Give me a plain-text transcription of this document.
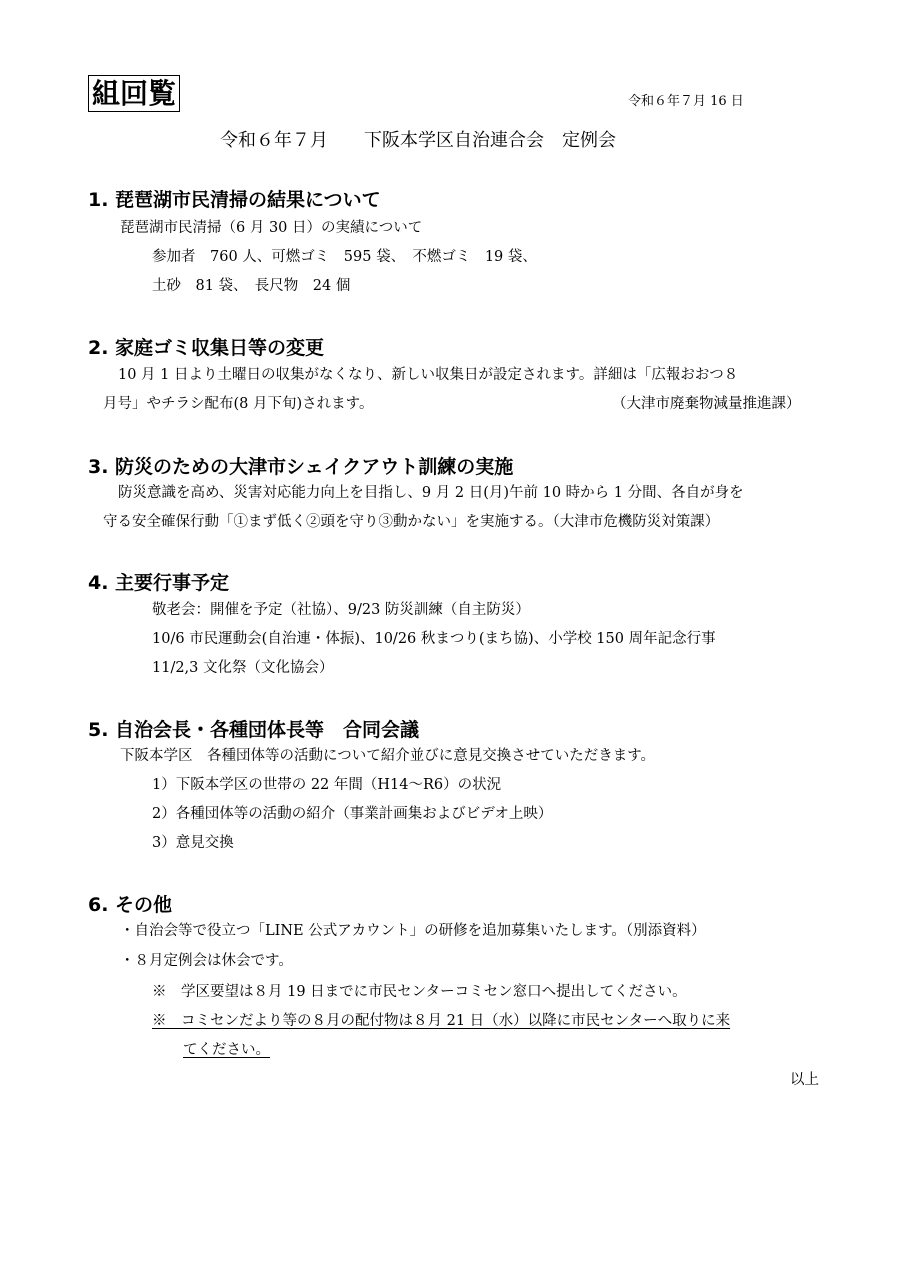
組回覧	令和６年７月 16 日
令和６年７月　　下阪本学区自治連合会　定例会
1. 琵琶湖市民清掃の結果について
琵琶湖市民清掃（6 月 30 日）の実績について
参加者　760 人、可燃ゴミ　595 袋、　不燃ゴミ　19 袋、
土砂　81 袋、　長尺物　24 個
2. 家庭ゴミ収集日等の変更
10 月 1 日より土曜日の収集がなくなり、新しい収集日が設定されます。詳細は「広報おおつ８
月号」やチラシ配布(8 月下旬)されます。	（大津市廃棄物減量推進課）
3. 防災のための大津市シェイクアウト訓練の実施
防災意識を高め、災害対応能力向上を目指し、9 月 2 日(月)午前 10 時から 1 分間、各自が身を
守る安全確保行動「①まず低く②頭を守り③動かない」を実施する。（大津市危機防災対策課）
4. 主要行事予定
敬老会：開催を予定（社協）、9/23 防災訓練（自主防災）
10/6 市民運動会(自治連・体振)、10/26 秋まつり(まち協)、小学校 150 周年記念行事
11/2,3 文化祭（文化協会）
5. 自治会長・各種団体長等　合同会議
下阪本学区　各種団体等の活動について紹介並びに意見交換させていただきます。
1）下阪本学区の世帯の 22 年間（H14～R6）の状況
2）各種団体等の活動の紹介（事業計画集およびビデオ上映）
3）意見交換
6. その他
・自治会等で役立つ「LINE 公式アカウント」の研修を追加募集いたします。（別添資料）
・８月定例会は休会です。
※　学区要望は８月 19 日までに市民センターコミセン窓口へ提出してください。
※　コミセンだより等の８月の配付物は８月 21 日（水）以降に市民センターへ取りに来
てください。
以上
